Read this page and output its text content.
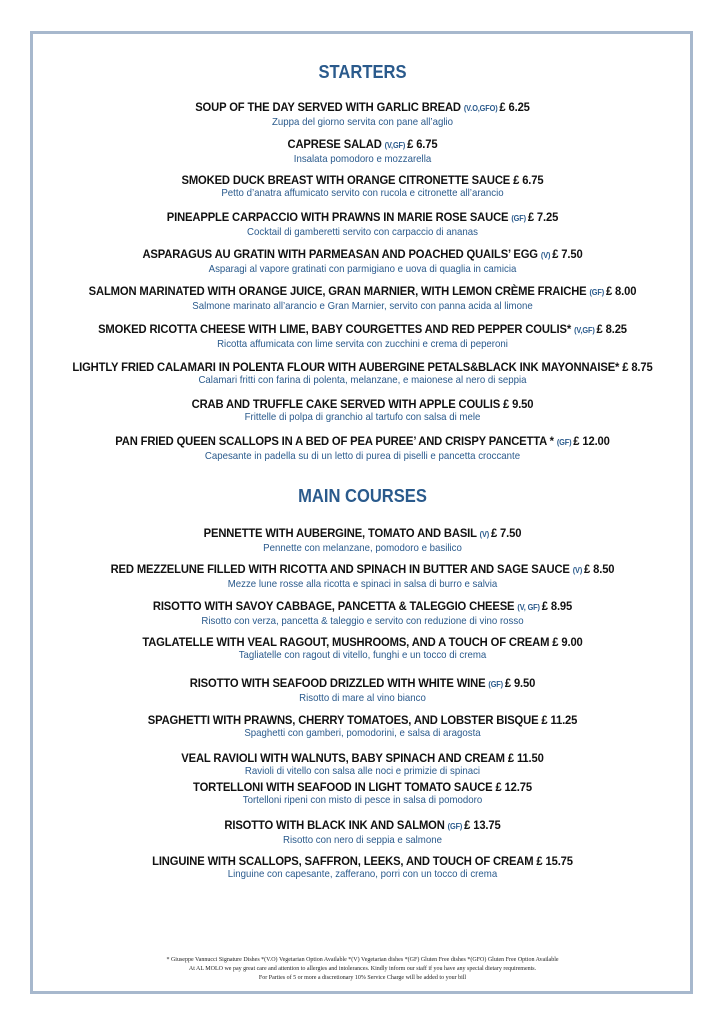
STARTERS
SOUP OF THE DAY SERVED WITH GARLIC BREAD (V.O,GFO) £ 6.25
Zuppa del giorno servita con pane all’aglio
CAPRESE SALAD (V,GF) £ 6.75
Insalata pomodoro e mozzarella
SMOKED DUCK BREAST WITH ORANGE CITRONETTE SAUCE £ 6.75
Petto d’anatra affumicato servito con rucola e citronette all’arancio
PINEAPPLE CARPACCIO WITH PRAWNS IN MARIE ROSE SAUCE (GF) £ 7.25
Cocktail di gamberetti servito con carpaccio di ananas
ASPARAGUS AU GRATIN WITH PARMEASAN AND POACHED QUAILS’ EGG (V) £ 7.50
Asparagi al vapore gratinati con parmigiano e uova di quaglia in camicia
SALMON MARINATED WITH ORANGE JUICE, GRAN MARNIER, WITH LEMON CRÈME FRAICHE (GF) £ 8.00
Salmone marinato all’arancio e Gran Marnier, servito con panna acida al limone
SMOKED RICOTTA CHEESE WITH LIME, BABY COURGETTES AND RED PEPPER COULIS* (V,GF) £ 8.25
Ricotta affumicata con lime servita con zucchini e crema di peperoni
LIGHTLY FRIED CALAMARI IN POLENTA FLOUR WITH AUBERGINE PETALS&BLACK INK MAYONNAISE* £ 8.75
Calamari fritti con farina di polenta, melanzane, e maionese al nero di seppia
CRAB AND TRUFFLE CAKE SERVED WITH APPLE COULIS £ 9.50
Frittelle di polpa di granchio al tartufo con salsa di mele
PAN FRIED QUEEN SCALLOPS IN A BED OF PEA PUREE’ AND CRISPY PANCETTA * (GF) £ 12.00
Capesante in padella su di un letto di purea di piselli e pancetta croccante
MAIN COURSES
PENNETTE WITH AUBERGINE, TOMATO AND BASIL (V) £ 7.50
Pennette con melanzane, pomodoro e basilico
RED MEZZELUNE FILLED WITH RICOTTA AND SPINACH IN BUTTER AND SAGE SAUCE (V) £ 8.50
Mezze lune rosse alla ricotta e spinaci in salsa di burro e salvia
RISOTTO WITH SAVOY CABBAGE, PANCETTA & TALEGGIO CHEESE (V, GF) £ 8.95
Risotto con verza, pancetta & taleggio e servito con reduzione di vino rosso
TAGLATELLE WITH VEAL RAGOUT, MUSHROOMS, AND A TOUCH OF CREAM £ 9.00
Tagliatelle con ragout di vitello, funghi e un tocco di crema
RISOTTO WITH SEAFOOD DRIZZLED WITH WHITE WINE (GF) £ 9.50
Risotto di mare al vino bianco
SPAGHETTI WITH PRAWNS, CHERRY TOMATOES, AND LOBSTER BISQUE £ 11.25
Spaghetti con gamberi, pomodorini, e salsa di aragosta
VEAL RAVIOLI WITH WALNUTS, BABY SPINACH AND CREAM £ 11.50
Ravioli di vitello con salsa alle noci e primizie di spinaci
TORTELLONI WITH SEAFOOD IN LIGHT TOMATO SAUCE £ 12.75
Tortelloni ripeni con misto di pesce in salsa di pomodoro
RISOTTO WITH BLACK INK AND SALMON (GF) £ 13.75
Risotto con nero di seppia e salmone
LINGUINE WITH SCALLOPS, SAFFRON, LEEKS, AND TOUCH OF CREAM £ 15.75
Linguine con capesante, zafferano, porri con un tocco di crema
* Giuseppe Vannucci Signature Dishes *(V.O) Vegetarian Option Available *(V) Vegetarian dishes *(GF) Gluten Free dishes *(GFO) Gluten Free Option Available
At AL MOLO we pay great care and attention to allergies and intolerances. Kindly inform our staff if you have any special dietary requirements.
For Parties of 5 or more a discretionary 10% Service Charge will be added to your bill
